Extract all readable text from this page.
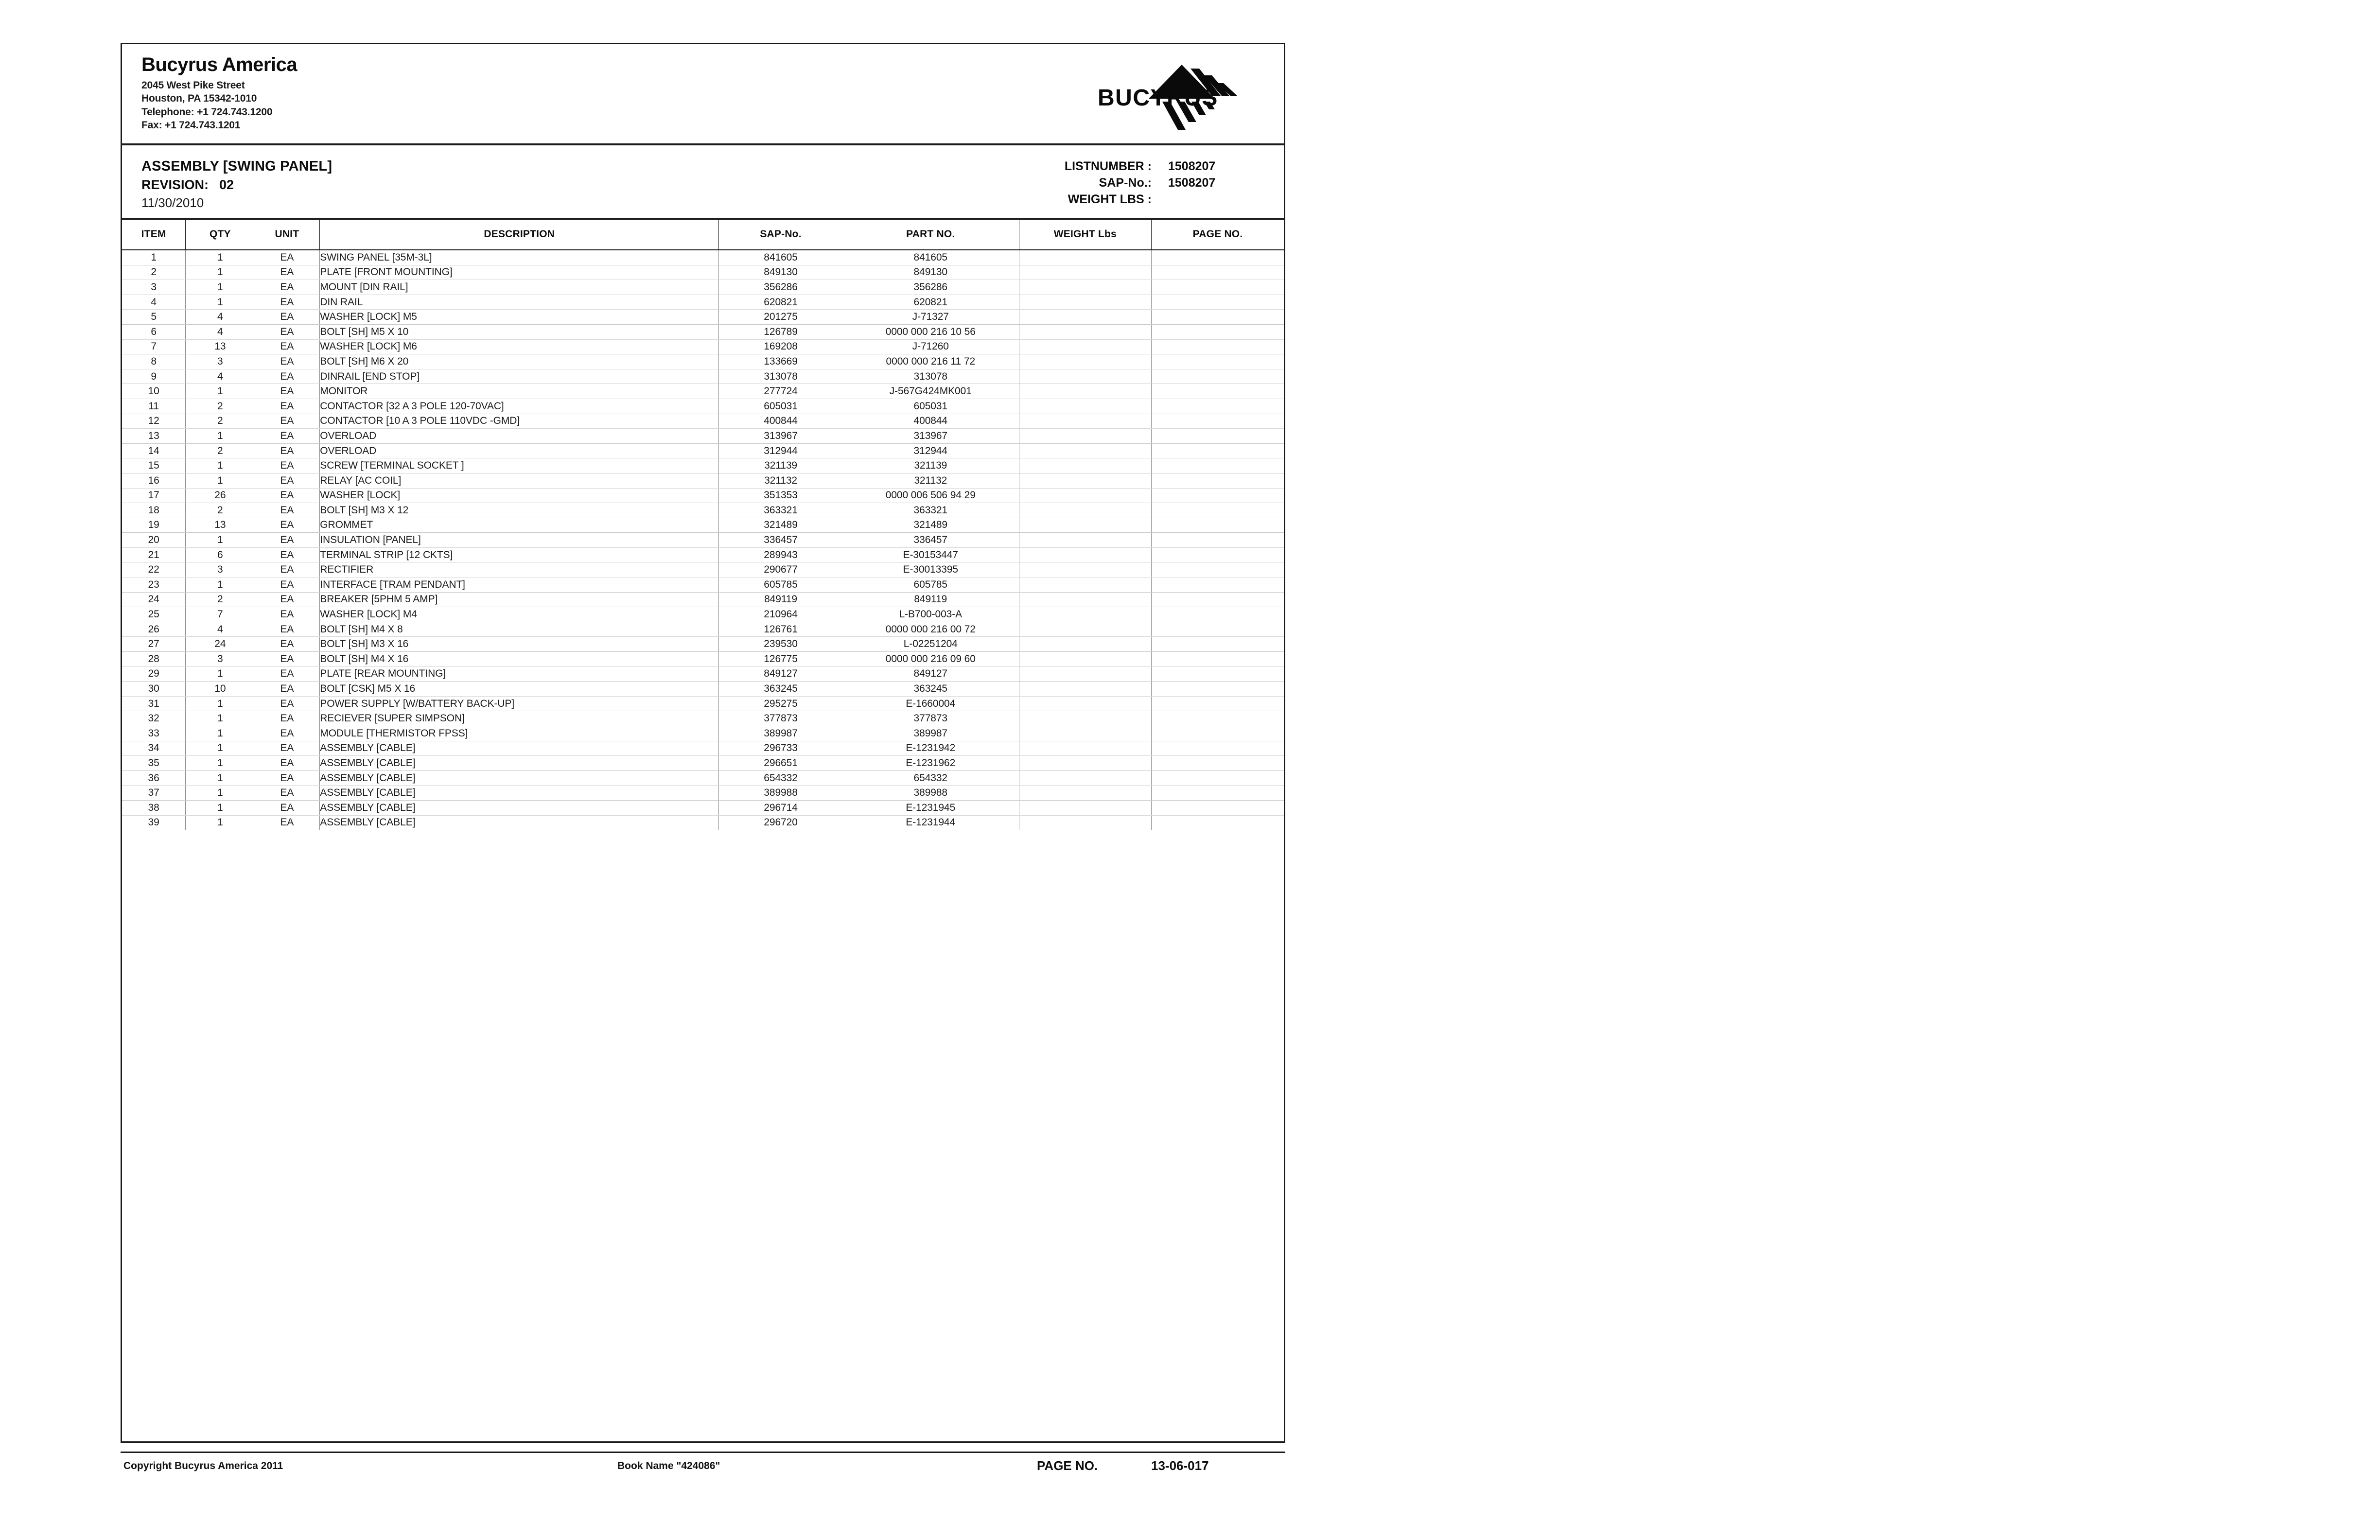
Bucyrus America
2045 West Pike Street
Houston, PA 15342-1010
Telephone: +1 724.743.1200
Fax: +1 724.743.1201
BUCYRUS
ASSEMBLY [SWING PANEL]
REVISION: 02
11/30/2010
LISTNUMBER :	1508207
SAP-No.:	1508207
WEIGHT LBS :
ITEM	QTY	UNIT	DESCRIPTION	SAP-No.	PART NO.	WEIGHT Lbs	PAGE NO.
1	1	EA	SWING PANEL [35M-3L]	841605	841605		
2	1	EA	PLATE [FRONT MOUNTING]	849130	849130		
3	1	EA	MOUNT [DIN RAIL]	356286	356286		
4	1	EA	DIN RAIL	620821	620821		
5	4	EA	WASHER [LOCK] M5	201275	J-71327		
6	4	EA	BOLT [SH] M5 X 10	126789	0000 000 216 10 56		
7	13	EA	WASHER [LOCK] M6	169208	J-71260		
8	3	EA	BOLT [SH] M6 X 20	133669	0000 000 216 11 72		
9	4	EA	DINRAIL [END STOP]	313078	313078		
10	1	EA	MONITOR	277724	J-567G424MK001		
11	2	EA	CONTACTOR [32 A 3 POLE 120-70VAC]	605031	605031		
12	2	EA	CONTACTOR [10 A 3 POLE 110VDC -GMD]	400844	400844		
13	1	EA	OVERLOAD	313967	313967		
14	2	EA	OVERLOAD	312944	312944		
15	1	EA	SCREW [TERMINAL SOCKET ]	321139	321139		
16	1	EA	RELAY [AC COIL]	321132	321132		
17	26	EA	WASHER [LOCK]	351353	0000 006 506 94 29		
18	2	EA	BOLT [SH] M3 X 12	363321	363321		
19	13	EA	GROMMET	321489	321489		
20	1	EA	INSULATION [PANEL]	336457	336457		
21	6	EA	TERMINAL STRIP [12 CKTS]	289943	E-30153447		
22	3	EA	RECTIFIER	290677	E-30013395		
23	1	EA	INTERFACE [TRAM PENDANT]	605785	605785		
24	2	EA	BREAKER [5PHM 5 AMP]	849119	849119		
25	7	EA	WASHER [LOCK] M4	210964	L-B700-003-A		
26	4	EA	BOLT [SH] M4 X 8	126761	0000 000 216 00 72		
27	24	EA	BOLT [SH] M3 X 16	239530	L-02251204		
28	3	EA	BOLT [SH] M4 X 16	126775	0000 000 216 09 60		
29	1	EA	PLATE [REAR MOUNTING]	849127	849127		
30	10	EA	BOLT [CSK] M5 X 16	363245	363245		
31	1	EA	POWER SUPPLY [W/BATTERY BACK-UP]	295275	E-1660004		
32	1	EA	RECIEVER [SUPER SIMPSON]	377873	377873		
33	1	EA	MODULE [THERMISTOR FPSS]	389987	389987		
34	1	EA	ASSEMBLY [CABLE]	296733	E-1231942		
35	1	EA	ASSEMBLY [CABLE]	296651	E-1231962		
36	1	EA	ASSEMBLY [CABLE]	654332	654332		
37	1	EA	ASSEMBLY [CABLE]	389988	389988		
38	1	EA	ASSEMBLY [CABLE]	296714	E-1231945		
39	1	EA	ASSEMBLY [CABLE]	296720	E-1231944		
Copyright Bucyrus America 2011	Book Name "424086"	PAGE NO.	13-06-017
